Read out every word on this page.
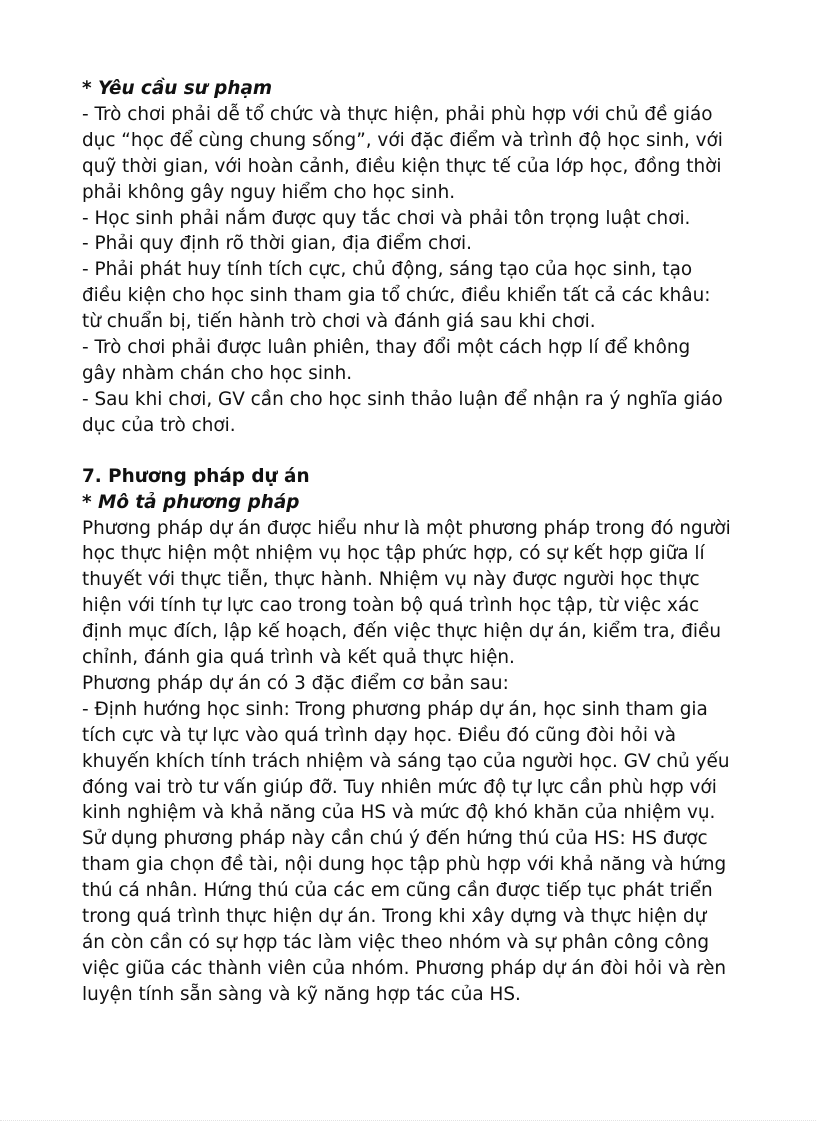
* Yêu cầu sư phạm
- Trò chơi phải dễ tổ chức và thực hiện, phải phù hợp với chủ đề giáo
dục “học để cùng chung sống”, với đặc điểm và trình độ học sinh, với
quỹ thời gian, với hoàn cảnh, điều kiện thực tế của lớp học, đồng thời
phải không gây nguy hiểm cho học sinh.
- Học sinh phải nắm được quy tắc chơi và phải tôn trọng luật chơi.
- Phải quy định rõ thời gian, địa điểm chơi.
- Phải phát huy tính tích cực, chủ động, sáng tạo của học sinh, tạo
điều kiện cho học sinh tham gia tổ chức, điều khiển tất cả các khâu:
từ chuẩn bị, tiến hành trò chơi và đánh giá sau khi chơi.
- Trò chơi phải được luân phiên, thay đổi một cách hợp lí để không
gây nhàm chán cho học sinh.
- Sau khi chơi, GV cần cho học sinh thảo luận để nhận ra ý nghĩa giáo
dục của trò chơi.
7. Phương pháp dự án
* Mô tả phương pháp
Phương pháp dự án được hiểu như là một phương pháp trong đó người
học thực hiện một nhiệm vụ học tập phức hợp, có sự kết hợp giữa lí
thuyết với thực tiễn, thực hành. Nhiệm vụ này được người học thực
hiện với tính tự lực cao trong toàn bộ quá trình học tập, từ việc xác
định mục đích, lập kế hoạch, đến việc thực hiện dự án, kiểm tra, điều
chỉnh, đánh gia quá trình và kết quả thực hiện.
Phương pháp dự án có 3 đặc điểm cơ bản sau:
- Định hướng học sinh: Trong phương pháp dự án, học sinh tham gia
tích cực và tự lực vào quá trình dạy học. Điều đó cũng đòi hỏi và
khuyến khích tính trách nhiệm và sáng tạo của người học. GV chủ yếu
đóng vai trò tư vấn giúp đỡ. Tuy nhiên mức độ tự lực cần phù hợp với
kinh nghiệm và khả năng của HS và mức độ khó khăn của nhiệm vụ.
Sử dụng phương pháp này cần chú ý đến hứng thú của HS: HS được
tham gia chọn đề tài, nội dung học tập phù hợp với khả năng và hứng
thú cá nhân. Hứng thú của các em cũng cần được tiếp tục phát triển
trong quá trình thực hiện dự án. Trong khi xây dựng và thực hiện dự
án còn cần có sự hợp tác làm việc theo nhóm và sự phân công công
việc giũa các thành viên của nhóm. Phương pháp dự án đòi hỏi và rèn
luyện tính sẵn sàng và kỹ năng hợp tác của HS.
